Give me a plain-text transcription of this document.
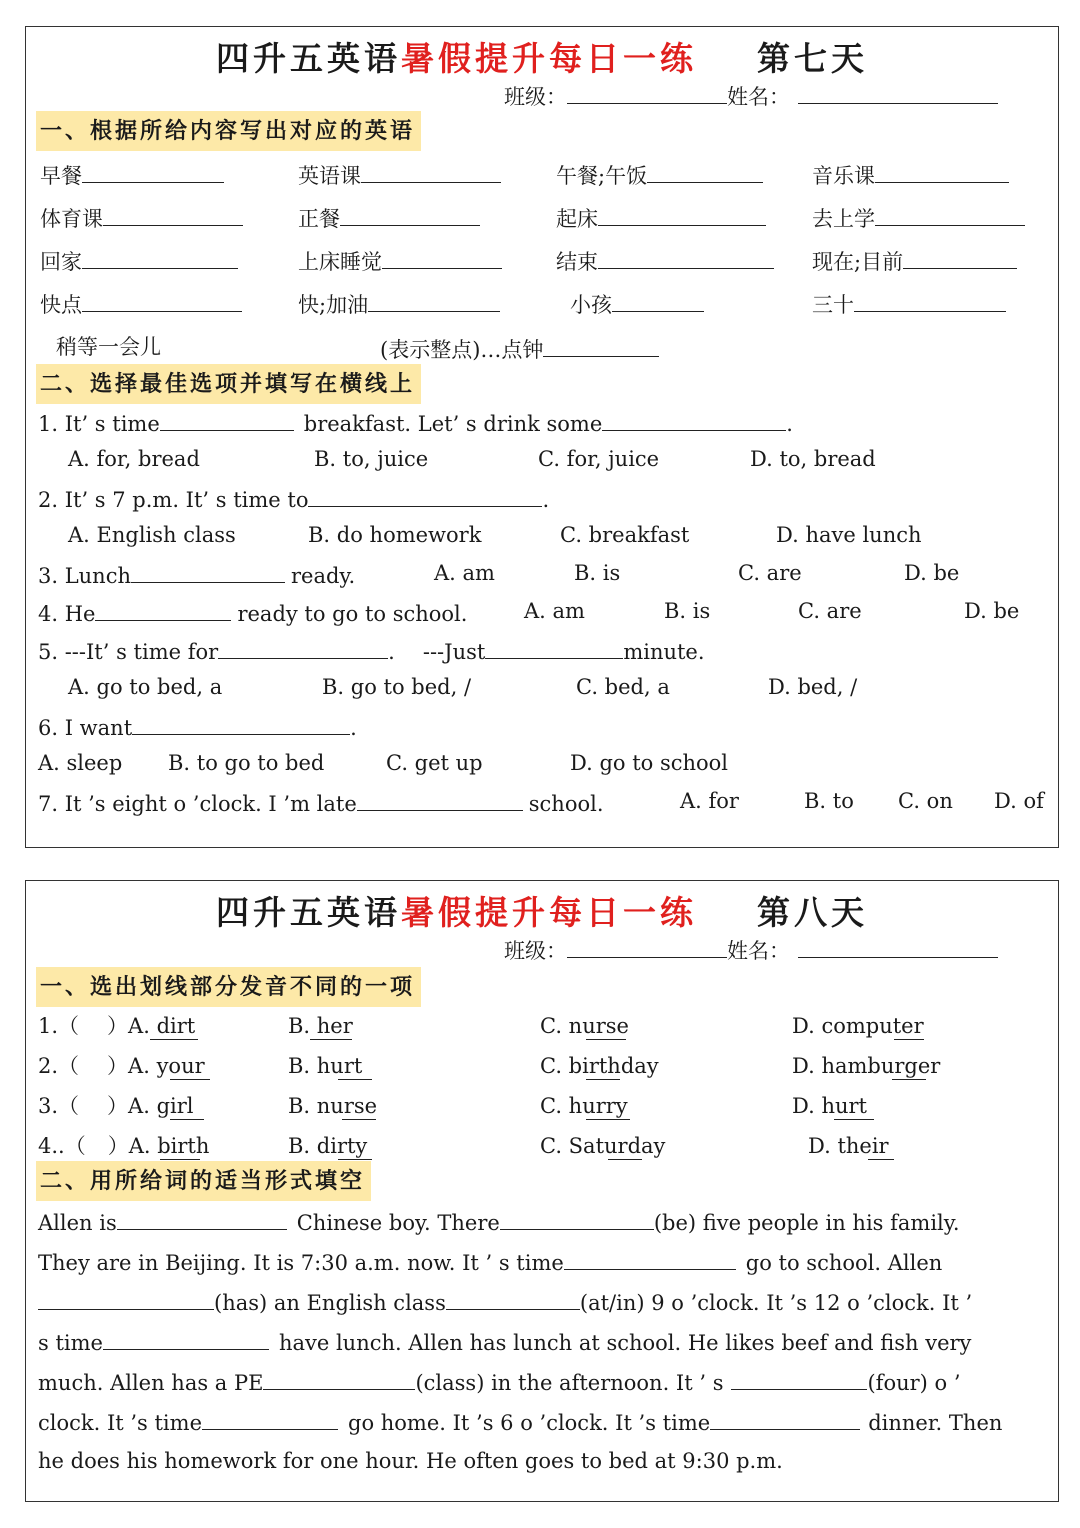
四升五英语暑假提升每日一练 第七天
班级：	姓名：
一、根据所给内容写出对应的英语
早餐	英语课	午餐;午饭	音乐课
体育课	正餐	起床	去上学
回家	上床睡觉	结束	现在;目前
快点	快;加油	小孩	三十
稍等一会儿	(表示整点)…点钟
二、选择最佳选项并填写在横线上
1. It’ s time	breakfast. Let’ s drink some	.
A. for, bread	B. to, juice	C. for, juice	D. to, bread
2. It’ s 7 p.m. It’ s time to	.
A. English class	B. do homework	C. breakfast	D. have lunch
3. Lunch	ready.	A. am	B. is	C. are	D. be
4. He	ready to go to school.	A. am	B. is	C. are	D. be
5. ---It’ s time for	. ---Just	minute.
A. go to bed, a	B. go to bed, /	C. bed, a	D. bed, /
6. I want	.
A. sleep B. to go to bed	C. get up	D. go to school
7. It ’s eight o ’clock. I ’m late	school.	A. for	B. to C. on D. of
四升五英语暑假提升每日一练 第八天
班级：	姓名：
一、选出划线部分发音不同的一项
1.（ ）A. dirt	B. her	C. nurse	D. computer
2.（ ）A. your	B. hurt	C. birthday	D. hamburger
3.（ ）A. girl	B. nurse	C. hurry	D. hurt
4..（ ）A. birth	B. dirty	C. Saturday	D. their
二、用所给词的适当形式填空
Allen is	Chinese boy. There	(be) five people in his family.
They are in Beijing. It is 7:30 a.m. now. It ’ s time	go to school. Allen
(has) an English class	(at/in) 9 o ’clock. It ’s 12 o ’clock. It ’
s time	have lunch. Allen has lunch at school. He likes beef and fish very
much. Allen has a PE	(class) in the afternoon. It ’ s	(four) o ’
clock. It ’s time	go home. It ’s 6 o ’clock. It ’s time	dinner. Then
he does his homework for one hour. He often goes to bed at 9:30 p.m.
